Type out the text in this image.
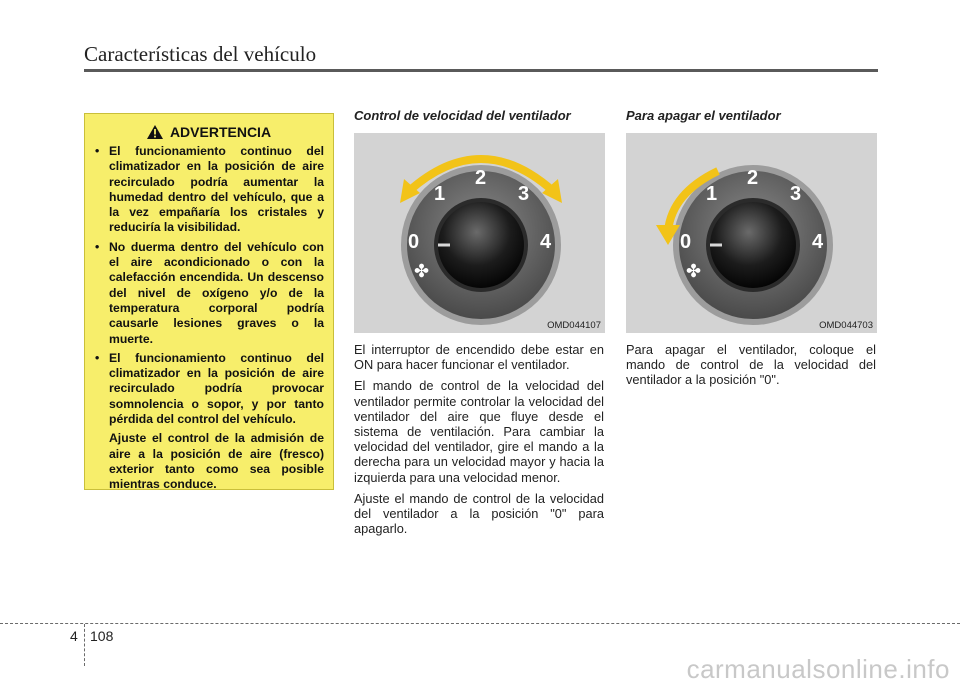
Características del vehículo
ADVERTENCIA
• El funcionamiento continuo del climatizador en la posición de aire recirculado podría aumentar la humedad dentro del vehículo, que a la vez empañaría los cristales y reduciría la visibilidad.
• No duerma dentro del vehículo con el aire acondicionado o con la calefacción encendida. Un descenso del nivel de oxígeno y/o de la temperatura corporal podría causarle lesiones graves o la muerte.
• El funcionamiento continuo del climatizador en la posición de aire recirculado podría provocar somnolencia o sopor, y por tanto pérdida del control del vehículo.
Ajuste el control de la admisión de aire a la posición de aire (fresco) exterior tanto como sea posible mientras conduce.
Control de velocidad del ventilador
0
1
2
3
4
✤
OMD044107

El interruptor de encendido debe estar en ON para hacer funcionar el ventilador.

El mando de control de la velocidad del ventilador permite controlar la velocidad del ventilador del aire que fluye desde el sistema de ventilación. Para cambiar la velocidad del ventilador, gire el mando a la derecha para un velocidad mayor y hacia la izquierda para una velocidad menor.

Ajuste el mando de control de la velocidad del ventilador a la posición "0" para apagarlo.

Para apagar el ventilador
0
1
2
3
4
✤
OMD044703

Para apagar el ventilador, coloque el mando de control de la velocidad del ventilador a la posición "0".

4 108
carmanualsonline.info
